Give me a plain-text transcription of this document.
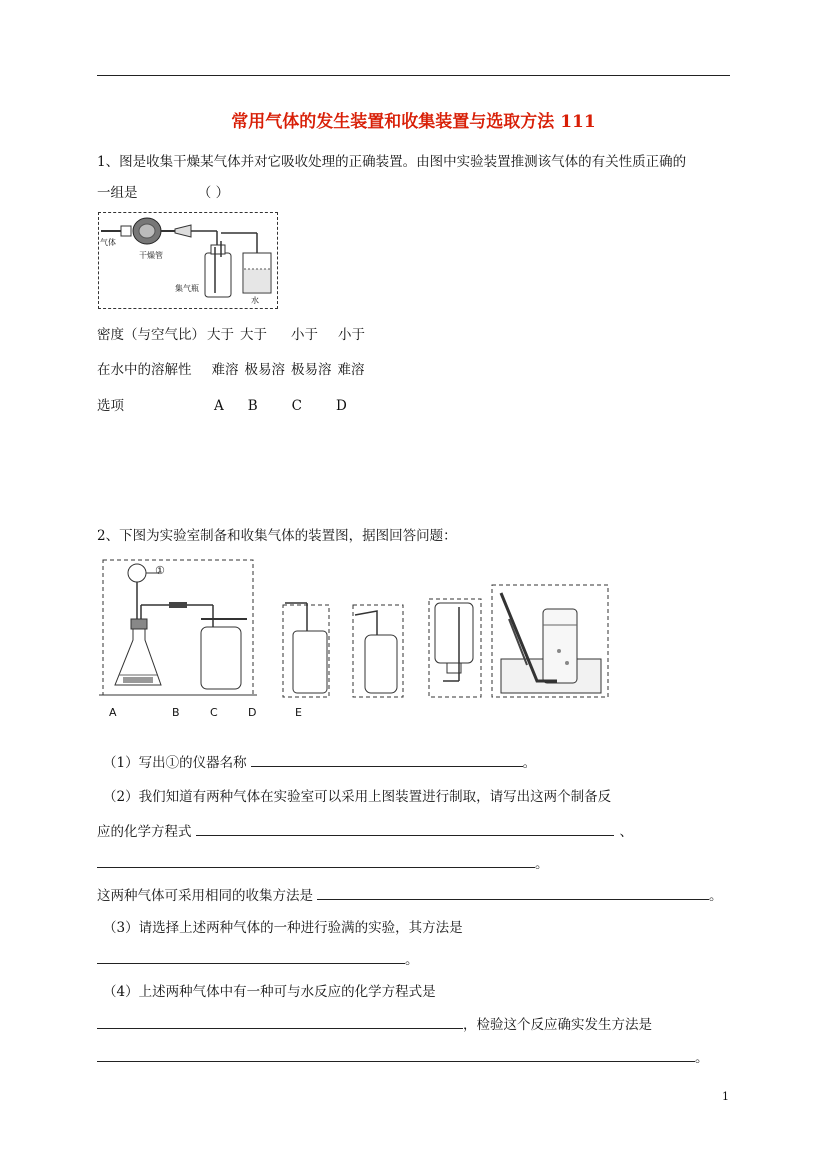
常用气体的发生装置和收集装置与选取方法 111
1、图是收集干燥某气体并对它吸收处理的正确装置。由图中实验装置推测该气体的有关性质正确的
一组是	（ ）
气体
干燥管
集气瓶
水
密度（与空气比） 大于 大于 小于 小于
在水中的溶解性 难溶 极易溶 极易溶 难溶
选项	A B	C	D
2、下图为实验室制备和收集气体的装置图，据图回答问题：
①
A	B	C	D	E
（1）写出①的仪器名称	。
（2）我们知道有两种气体在实验室可以采用上图装置进行制取，请写出这两个制备反
应的化学方程式	、
。
这两种气体可采用相同的收集方法是	。
（3）请选择上述两种气体的一种进行验满的实验，其方法是
。
（4）上述两种气体中有一种可与水反应的化学方程式是
，检验这个反应确实发生方法是
。
1
